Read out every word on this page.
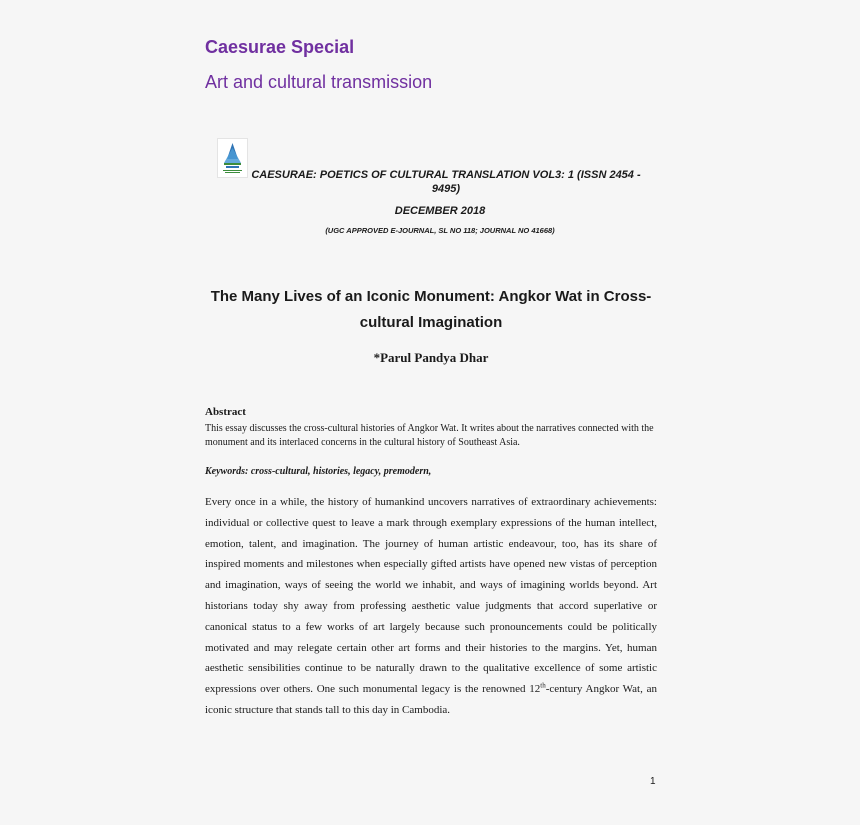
Caesurae Special
Art and cultural transmission
CAESURAE: POETICS OF CULTURAL TRANSLATION VOL3: 1 (ISSN 2454 - 9495)
DECEMBER 2018
(UGC APPROVED E-JOURNAL, SL NO 118; JOURNAL NO 41668)
The Many Lives of an Iconic Monument: Angkor Wat in Cross-cultural Imagination
*Parul Pandya Dhar
Abstract
This essay discusses the cross-cultural histories of Angkor Wat. It writes about the narratives connected with the monument and its interlaced concerns in the cultural history of Southeast Asia.
Keywords: cross-cultural, histories, legacy, premodern,
Every once in a while, the history of humankind uncovers narratives of extraordinary achievements: individual or collective quest to leave a mark through exemplary expressions of the human intellect, emotion, talent, and imagination. The journey of human artistic endeavour, too, has its share of inspired moments and milestones when especially gifted artists have opened new vistas of perception and imagination, ways of seeing the world we inhabit, and ways of imagining worlds beyond. Art historians today shy away from professing aesthetic value judgments that accord superlative or canonical status to a few works of art largely because such pronouncements could be politically motivated and may relegate certain other art forms and their histories to the margins. Yet, human aesthetic sensibilities continue to be naturally drawn to the qualitative excellence of some artistic expressions over others. One such monumental legacy is the renowned 12th-century Angkor Wat, an iconic structure that stands tall to this day in Cambodia.
1
